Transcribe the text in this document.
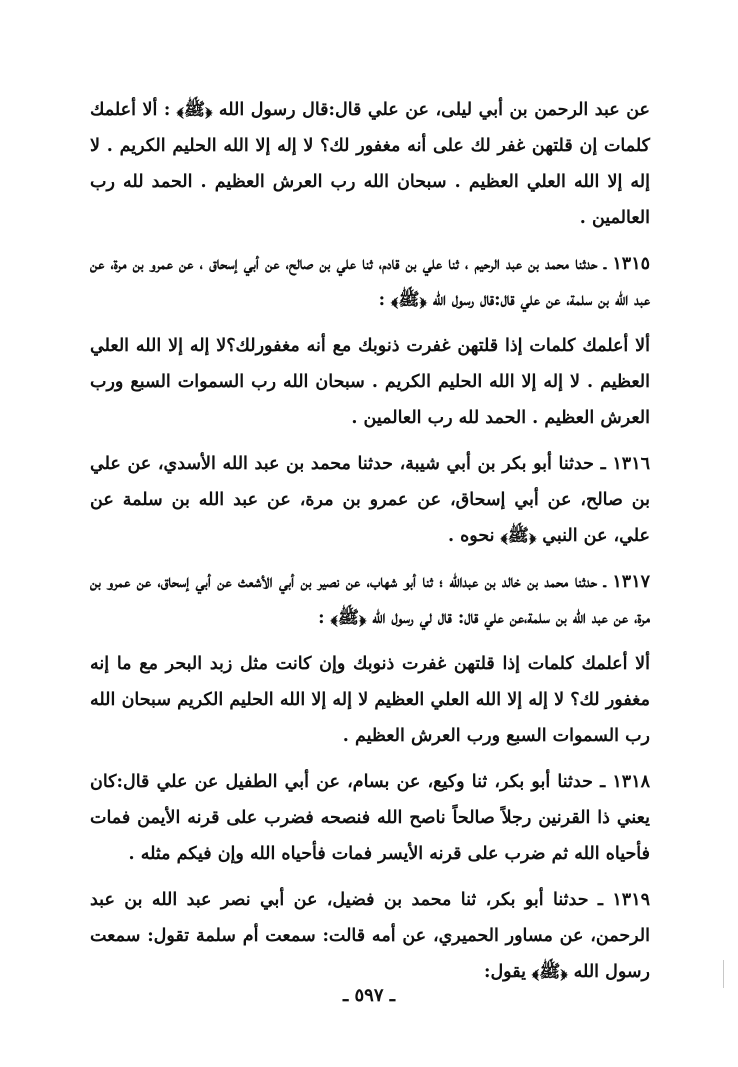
عن عبد الرحمن بن أبي ليلى، عن علي قال:قال رسول الله ﴿ﷺ﴾ : ألا أعلمك كلمات إن قلتهن غفر لك على أنه مغفور لك؟ لا إله إلا الله الحليم الكريم . لا إله إلا الله العلي العظيم . سبحان الله رب العرش العظيم . الحمد لله رب العالمين .

١٣١٥ ـ حدثنا محمد بن عبد الرحيم ، ثنا علي بن قادم، ثنا علي بن صالح، عن أبي إسحاق ، عن عمرو بن مرة، عن عبد الله بن سلمة، عن علي قال:قال رسول الله ﴿ﷺ﴾ :

ألا أعلمك كلمات إذا قلتهن غفرت ذنوبك مع أنه مغفورلك؟لا إله إلا الله العلي العظيم . لا إله إلا الله الحليم الكريم . سبحان الله رب السموات السبع ورب العرش العظيم . الحمد لله رب العالمين .

١٣١٦ ـ حدثنا أبو بكر بن أبي شيبة، حدثنا محمد بن عبد الله الأسدي، عن علي بن صالح، عن أبي إسحاق، عن عمرو بن مرة، عن عبد الله بن سلمة عن علي، عن النبي ﴿ﷺ﴾ نحوه .

١٣١٧ ـ حدثنا محمد بن خالد بن عبدالله ؛ ثنا أبو شهاب، عن نصير بن أبي الأشعث عن أبي إسحاق، عن عمرو بن مرة، عن عبد الله بن سلمة،عن علي قال: قال لي رسول الله ﴿ﷺ﴾ :

ألا أعلمك كلمات إذا قلتهن غفرت ذنوبك وإن كانت مثل زبد البحر مع ما إنه مغفور لك؟ لا إله إلا الله العلي العظيم لا إله إلا الله الحليم الكريم سبحان الله رب السموات السبع ورب العرش العظيم .

١٣١٨ ـ حدثنا أبو بكر، ثنا وكيع، عن بسام، عن أبي الطفيل عن علي قال:كان يعني ذا القرنين رجلاً صالحاً ناصح الله فنصحه فضرب على قرنه الأيمن فمات فأحياه الله ثم ضرب على قرنه الأيسر فمات فأحياه الله وإن فيكم مثله .

١٣١٩ ـ حدثنا أبو بكر، ثنا محمد بن فضيل، عن أبي نصر عبد الله بن عبد الرحمن، عن مساور الحميري، عن أمه قالت: سمعت أم سلمة تقول: سمعت رسول الله ﴿ﷺ﴾ يقول:

ـ ٥٩٧ ـ
